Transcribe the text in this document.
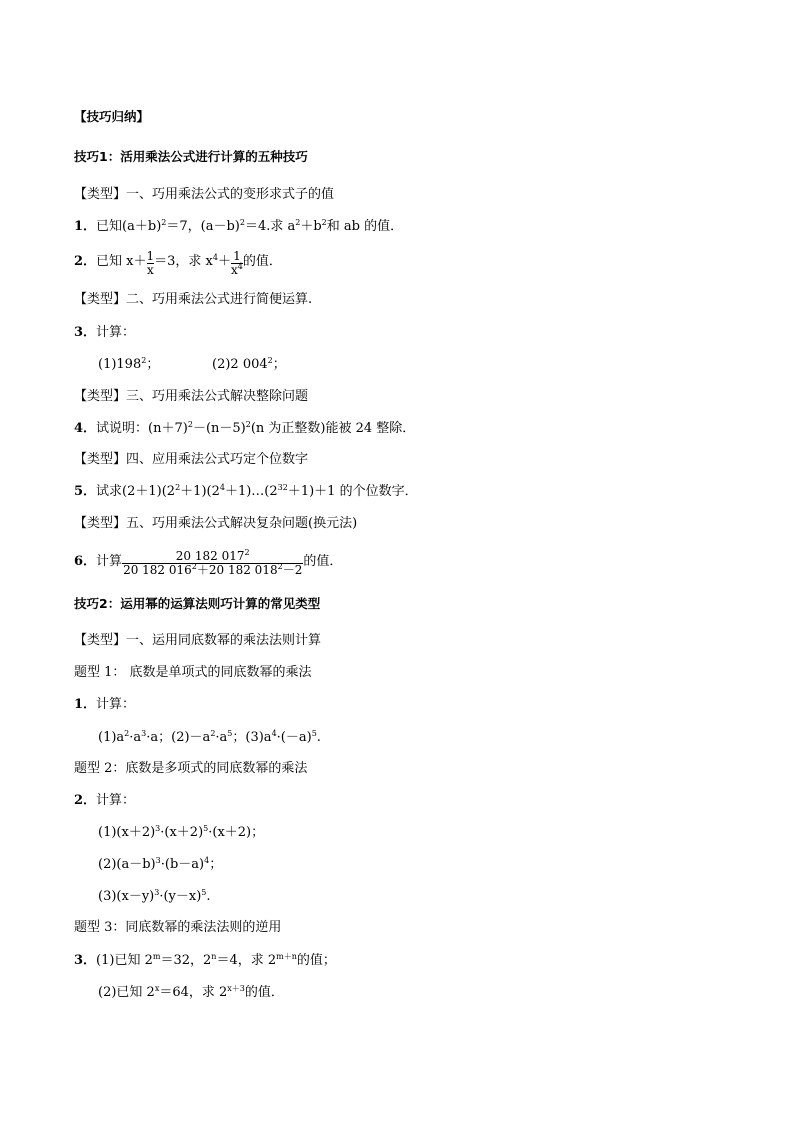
【技巧归纳】
技巧1：活用乘法公式进行计算的五种技巧
【类型】一、巧用乘法公式的变形求式子的值
1．已知$(a+b)^2=7$，$(a-b)^2=4$.求 $a^2+b^2$和 ab 的值．
2．已知 $x+ \frac{1}{x} =3$，求 $x^4+ \frac{1}{x^4}$ 的值．
【类型】二、巧用乘法公式进行简便运算.
3．计算：
$(1)198^2$；	(2)2 $004^2$；
【类型】三、巧用乘法公式解决整除问题
4．试说明：$(n+7)^2-(n-5)^2(n$ 为正整数)能被 24 整除．
【类型】四、应用乘法公式巧定个位数字
5．试求$(2+1)(2^2+1)(2^4+1)\dots(2^{32}+1)+1$ 的个位数字．
【类型】五、巧用乘法公式解决复杂问题(换元法)
6．计算 $\frac{20 182 017^2}{20 182 016^2+20 182 018^2-2}$ 的值．
技巧2：运用幂的运算法则巧计算的常见类型
【类型】一、运用同底数幂的乘法法则计算
题型 1： 底数是单项式的同底数幂的乘法
1．计算：
$(1)a^2\cdot a^3\cdot a$；$(2)-a^2\cdot a^5$；$(3)a^4\cdot(-a)^5$.
题型 2：底数是多项式的同底数幂的乘法
2．计算：
$(1)(x+2)^3\cdot(x+2)^5\cdot(x+2)$；
$(2)(a-b)^3\cdot(b-a)^4$；
$(3)(x-y)^3\cdot(y-x)^5$.
题型 3：同底数幂的乘法法则的逆用
3．(1)已知 $2^m=32$，$2^n=4$，求 $2^{m+n}$的值；
(2)已知 $2^x=64$，求 $2^{x+3}$的值．
